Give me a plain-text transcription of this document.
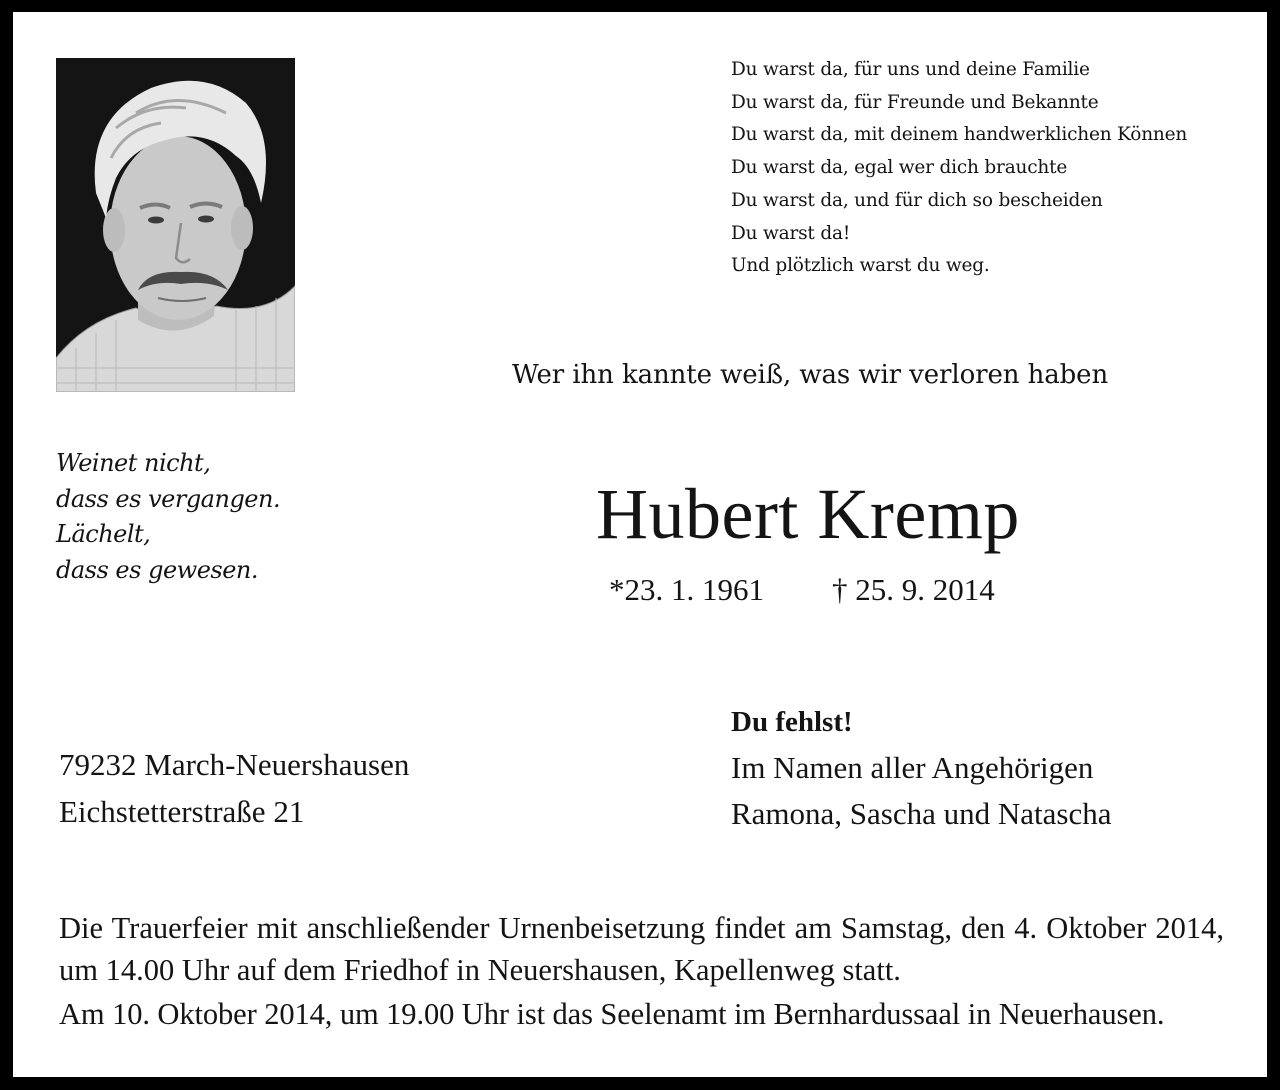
Du warst da, für uns und deine Familie
Du warst da, für Freunde und Bekannte
Du warst da, mit deinem handwerklichen Können
Du warst da, egal wer dich brauchte
Du warst da, und für dich so bescheiden
Du warst da!
Und plötzlich warst du weg.
Wer ihn kannte weiß, was wir verloren haben
Weinet nicht,
dass es vergangen.
Lächelt,
dass es gewesen.
Hubert Kremp
*23. 1. 1961 † 25. 9. 2014
79232 March-Neuershausen
Eichstetterstraße 21
Du fehlst!
Im Namen aller Angehörigen
Ramona, Sascha und Natascha

Die Trauerfeier mit anschließender Urnenbeisetzung findet am Samstag, den 4. Oktober 2014, um 14.00 Uhr auf dem Friedhof in Neuershausen, Kapellenweg statt.

Am 10. Oktober 2014, um 19.00 Uhr ist das Seelenamt im Bernhardussaal in Neuerhausen.
